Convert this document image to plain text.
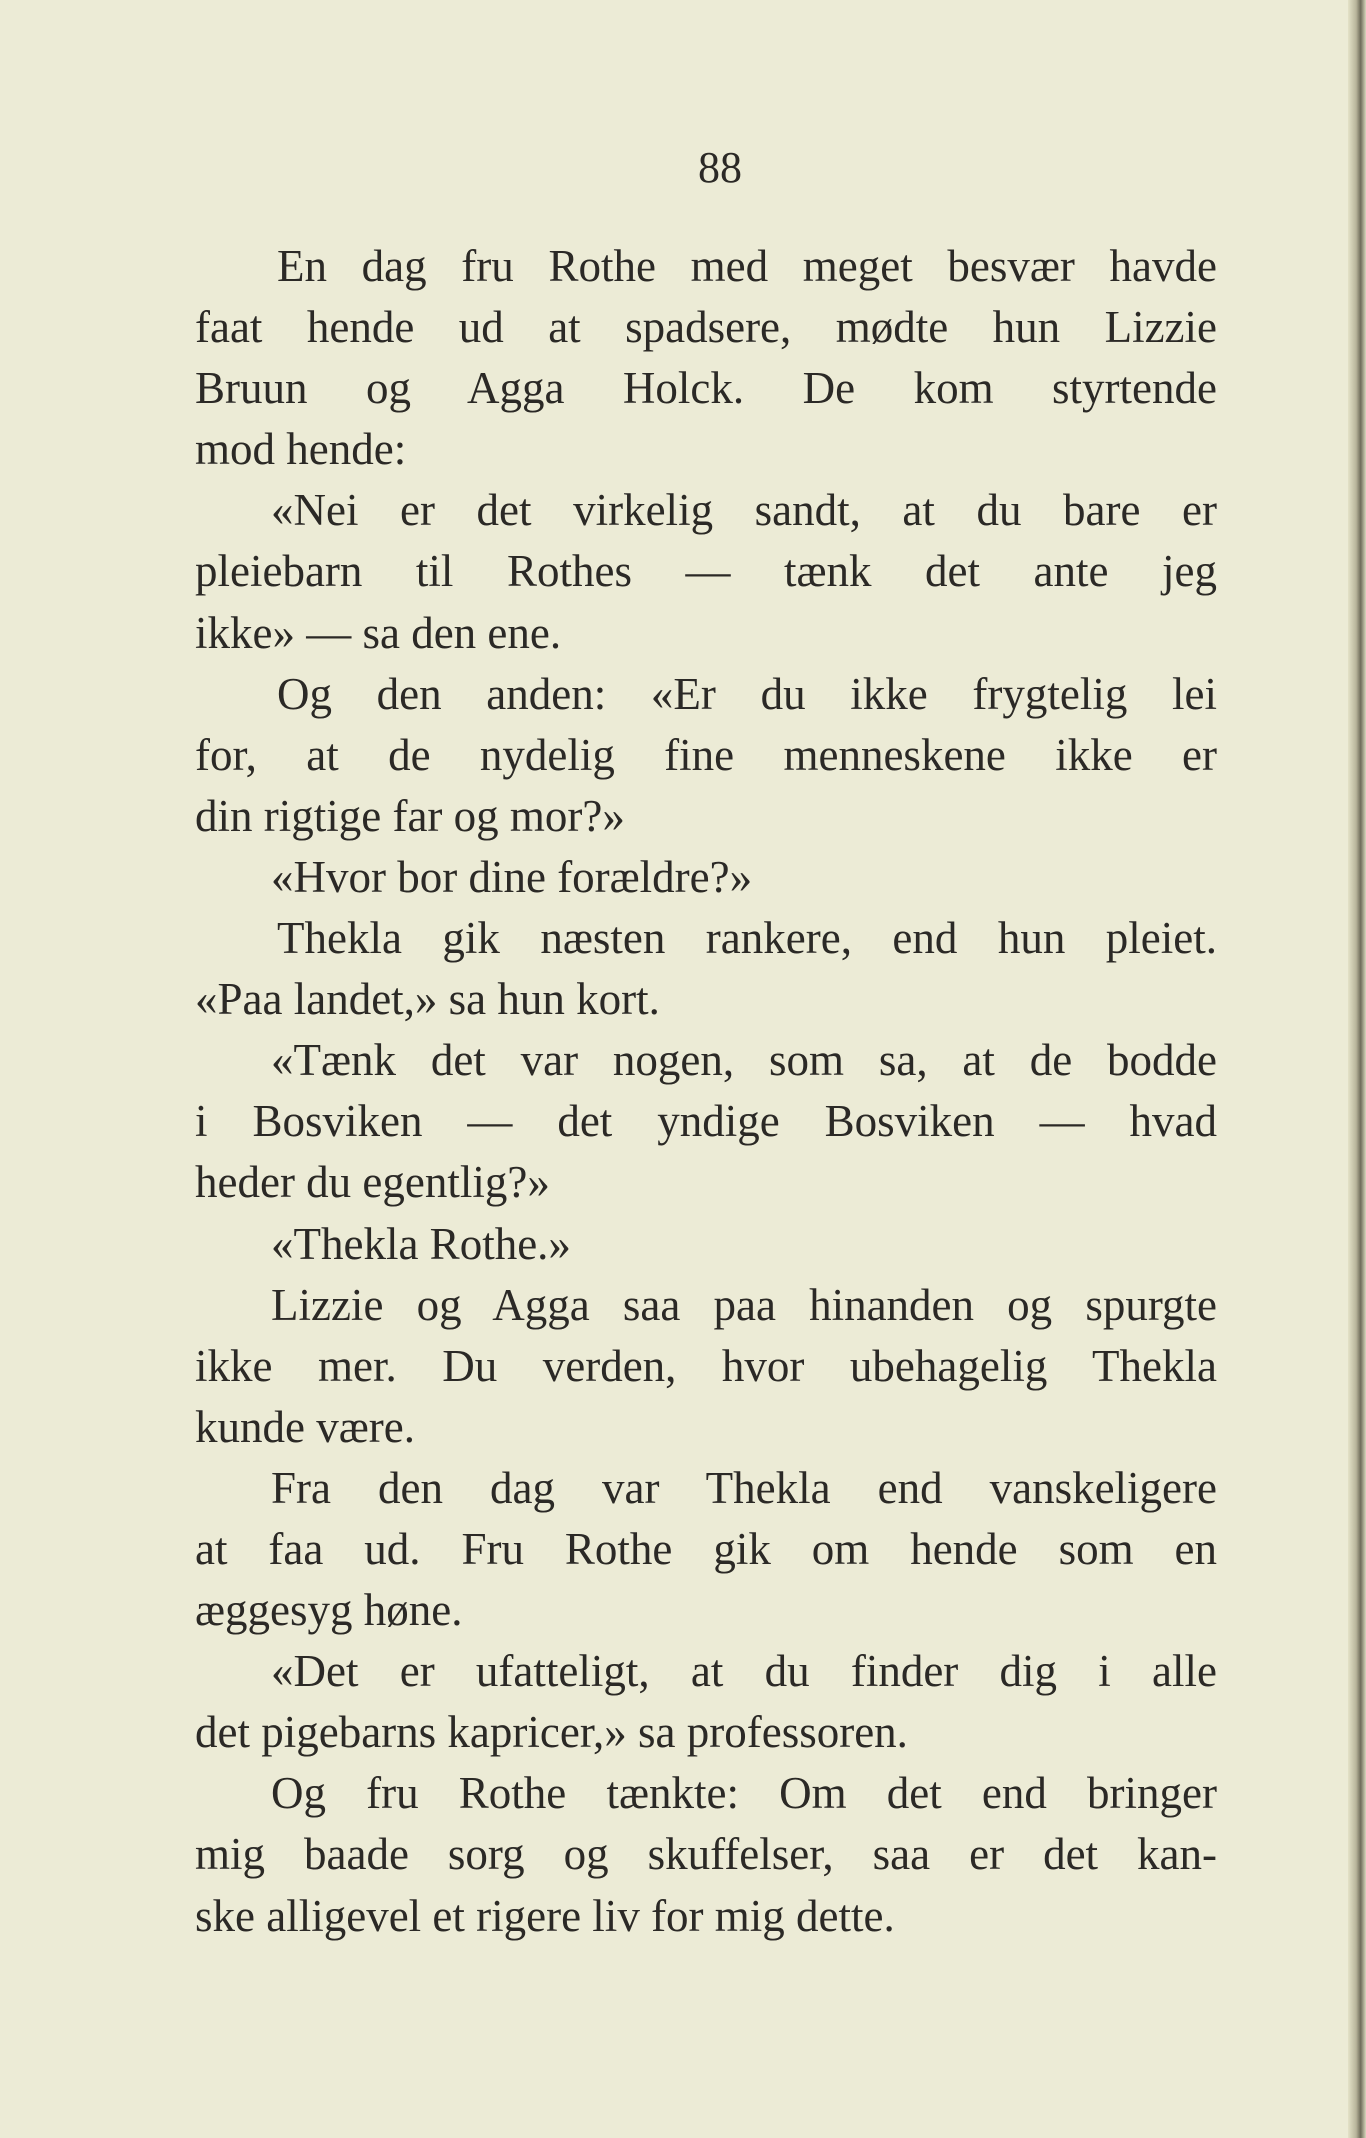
88

En dag fru Rothe med meget besvær havde

faat hende ud at spadsere, mødte hun Lizzie

Bruun og Agga Holck. De kom styrtende

mod hende:

«Nei er det virkelig sandt, at du bare er

pleiebarn til Rothes — tænk det ante jeg

ikke» — sa den ene.

Og den anden: «Er du ikke frygtelig lei

for, at de nydelig fine menneskene ikke er

din rigtige far og mor?»

«Hvor bor dine forældre?»

Thekla gik næsten rankere, end hun pleiet.

«Paa landet,» sa hun kort.

«Tænk det var nogen, som sa, at de bodde

i Bosviken — det yndige Bosviken — hvad

heder du egentlig?»

«Thekla Rothe.»

Lizzie og Agga saa paa hinanden og spurgte

ikke mer. Du verden, hvor ubehagelig Thekla

kunde være.

Fra den dag var Thekla end vanskeligere

at faa ud. Fru Rothe gik om hende som en

æggesyg høne.

«Det er ufatteligt, at du finder dig i alle

det pigebarns kapricer,» sa professoren.

Og fru Rothe tænkte: Om det end bringer

mig baade sorg og skuffelser, saa er det kan-

ske alligevel et rigere liv for mig dette.
